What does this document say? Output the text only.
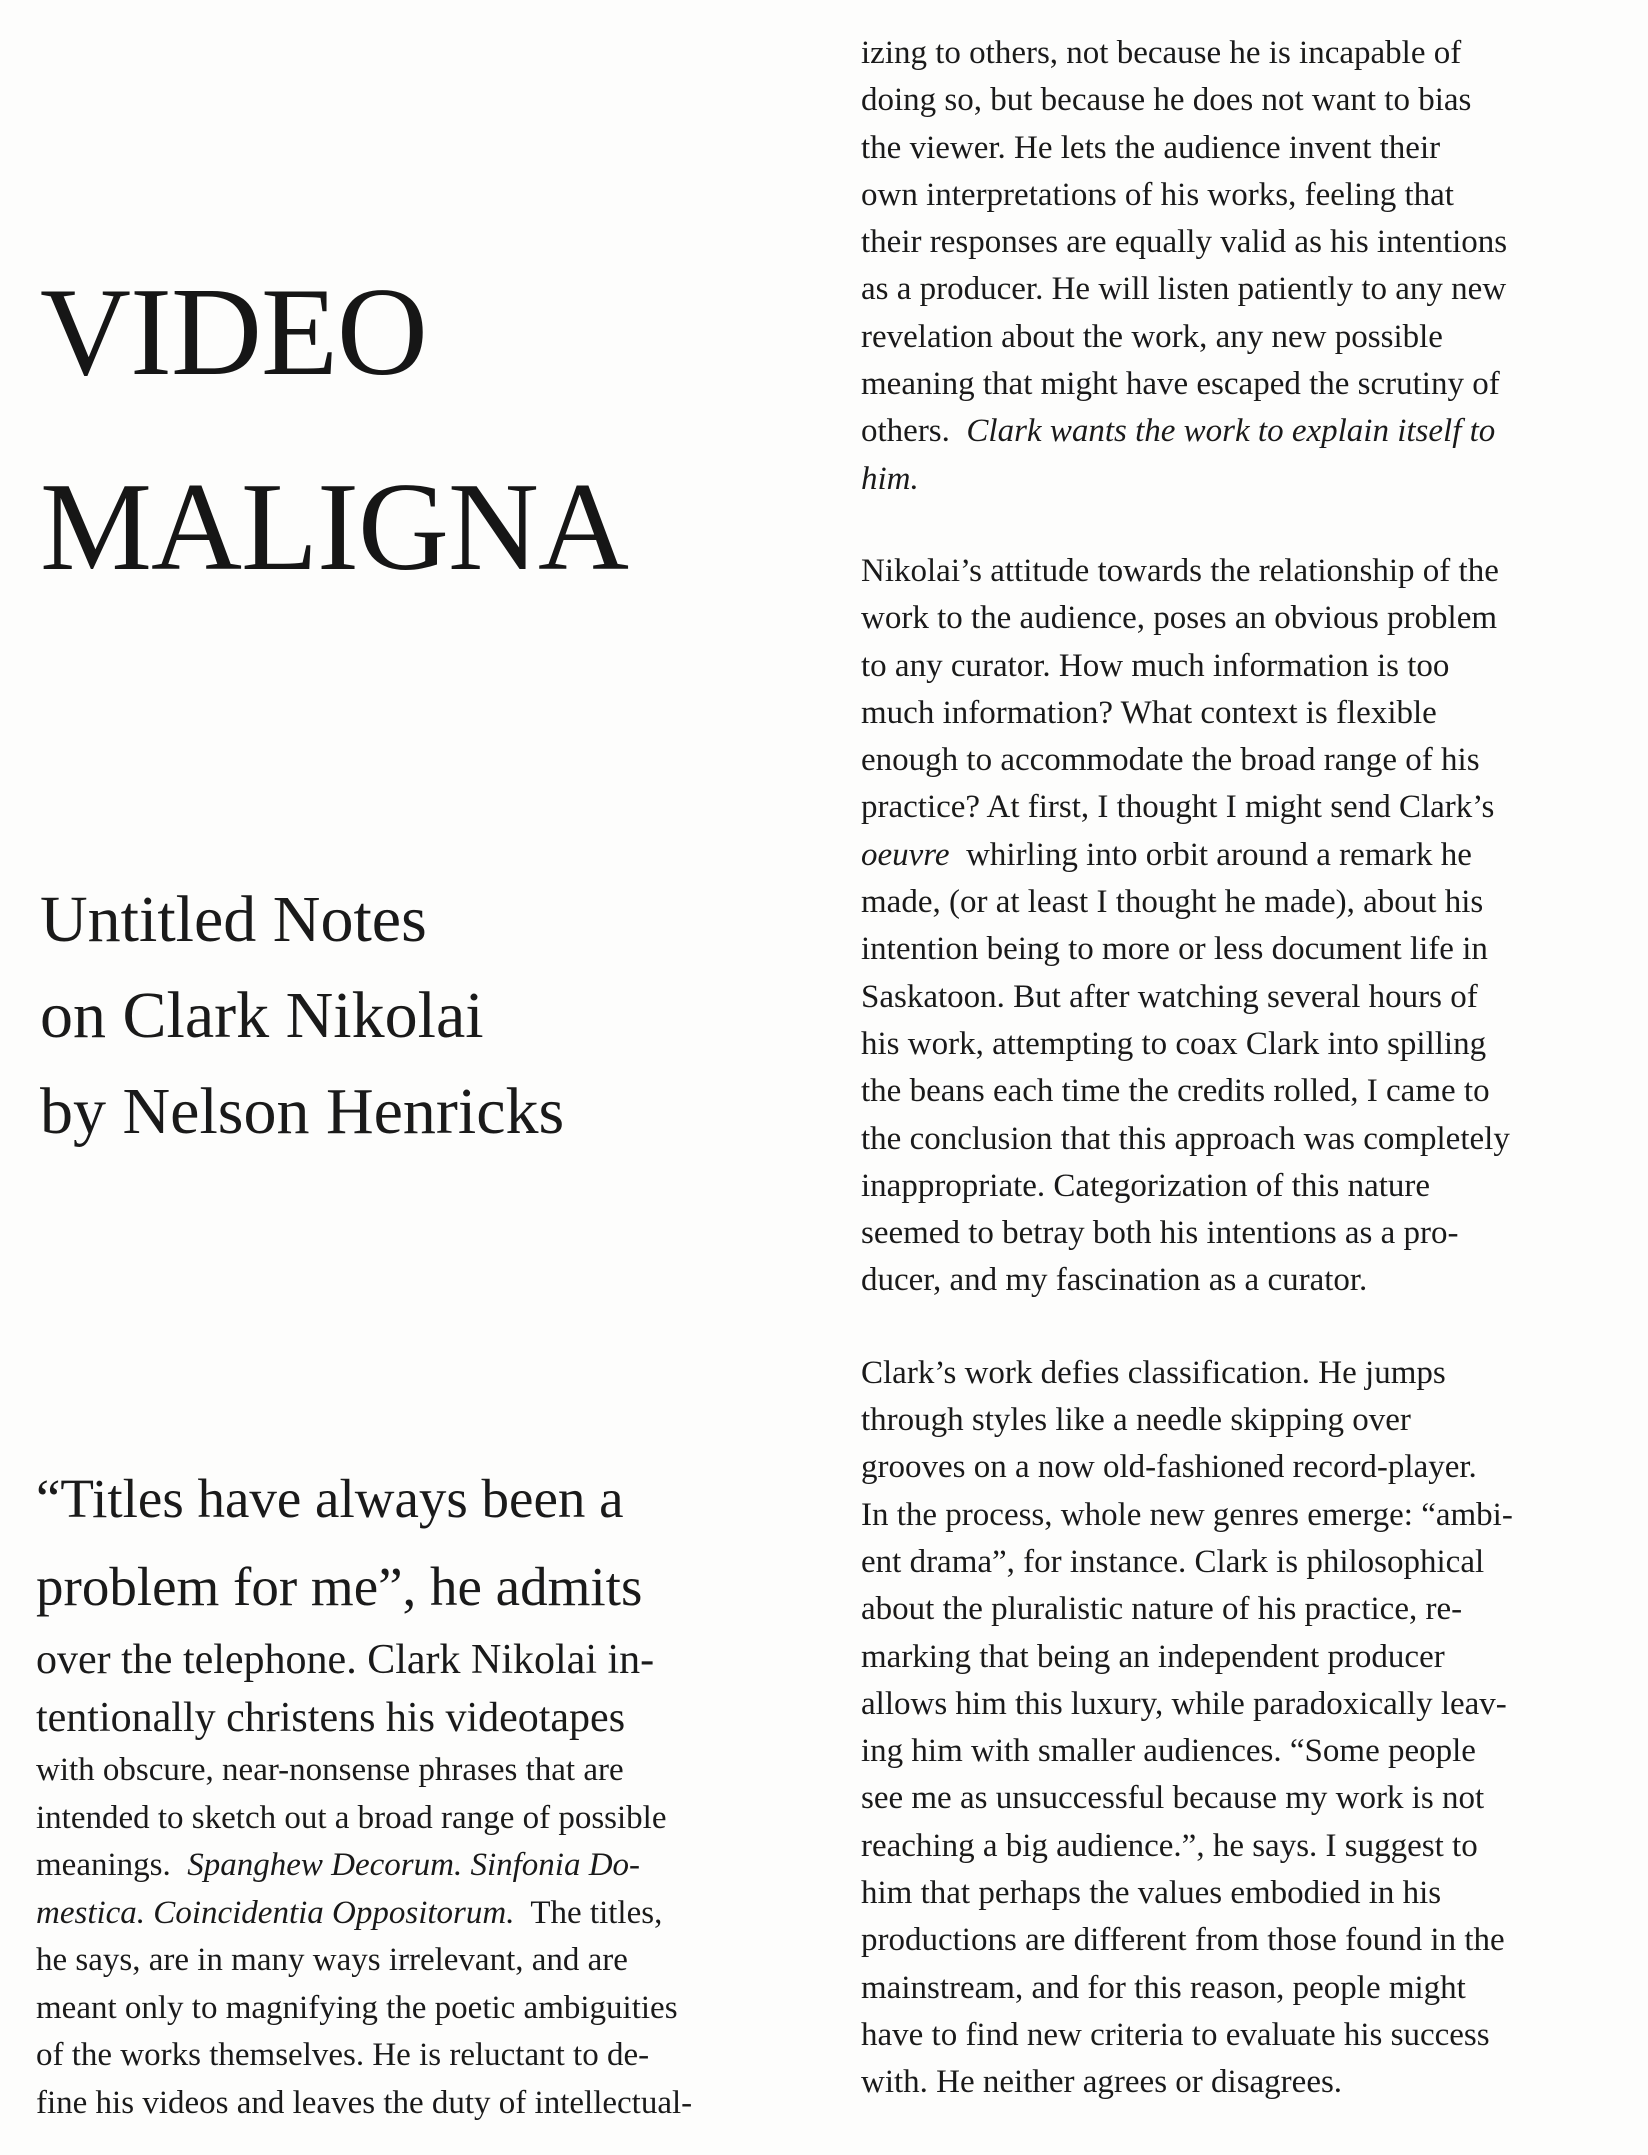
VIDEO
MALIGNA
Untitled Notes
on Clark Nikolai
by Nelson Henricks
“Titles have always been a
problem for me”, he admits
over the telephone. Clark Nikolai in-
tentionally christens his videotapes
with obscure, near-nonsense phrases that are
intended to sketch out a broad range of possible
meanings.  Spanghew Decorum. Sinfonia Do-
mestica. Coincidentia Oppositorum.  The titles,
he says, are in many ways irrelevant, and are
meant only to magnifying the poetic ambiguities
of the works themselves. He is reluctant to de-
fine his videos and leaves the duty of intellectual-

izing to others, not because he is incapable of
doing so, but because he does not want to bias
the viewer. He lets the audience invent their
own interpretations of his works, feeling that
their responses are equally valid as his intentions
as a producer. He will listen patiently to any new
revelation about the work, any new possible
meaning that might have escaped the scrutiny of
others.  Clark wants the work to explain itself to
him.

Nikolai’s attitude towards the relationship of the
work to the audience, poses an obvious problem
to any curator. How much information is too
much information? What context is flexible
enough to accommodate the broad range of his
practice? At first, I thought I might send Clark’s
oeuvre  whirling into orbit around a remark he
made, (or at least I thought he made), about his
intention being to more or less document life in
Saskatoon. But after watching several hours of
his work, attempting to coax Clark into spilling
the beans each time the credits rolled, I came to
the conclusion that this approach was completely
inappropriate. Categorization of this nature
seemed to betray both his intentions as a pro-
ducer, and my fascination as a curator.

Clark’s work defies classification. He jumps
through styles like a needle skipping over
grooves on a now old-fashioned record-player.
In the process, whole new genres emerge: “ambi-
ent drama”, for instance. Clark is philosophical
about the pluralistic nature of his practice, re-
marking that being an independent producer
allows him this luxury, while paradoxically leav-
ing him with smaller audiences. “Some people
see me as unsuccessful because my work is not
reaching a big audience.”, he says. I suggest to
him that perhaps the values embodied in his
productions are different from those found in the
mainstream, and for this reason, people might
have to find new criteria to evaluate his success
with. He neither agrees or disagrees.
